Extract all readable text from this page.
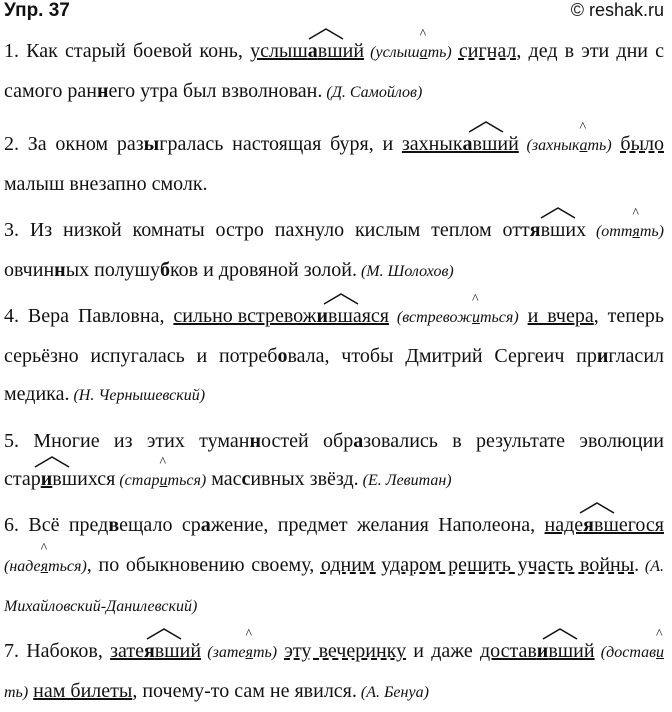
Упр. 37	© reshak.ru
1. Как старый боевой конь, услышавший
(услыша
^
ть) сигнал, дед в эти дни с самого раннего утра был взволнован. (Д. Самойлов)
2. За окном разыгралась настоящая буря, и захныкавший
(захныка
^
ть) было малыш внезапно смолк.
3. Из низкой комнаты остро пахнуло кислым теплом оттявших
(оття
^
ть) овчинных полушубков и дровяной золой. (М. Шолохов)
4. Вера Павловна, сильно встревожившаяся
(встревожи
^
ться) и вчера, теперь серьёзно испугалась и потребовала, чтобы Дмитрий Сергеич пригласил медика. (Н. Чернышевский)
5. Многие из этих туманностей образовались в результате эволюции старившихся
(стари
^
ться) массивных звёзд. (Е. Левитан)
6. Всё предвещало сражение, предмет желания Наполеона, надеявшегося
(надея
^
ться), по обыкновению своему, одним ударом решить участь войны. (А. Михайловский-Данилевский)
7. Набоков, затеявший
(затея
^
ть) эту вечеринку и даже доставивший
(достави
^
ть) нам билеты, почему-то сам не явился. (А. Бенуа)
